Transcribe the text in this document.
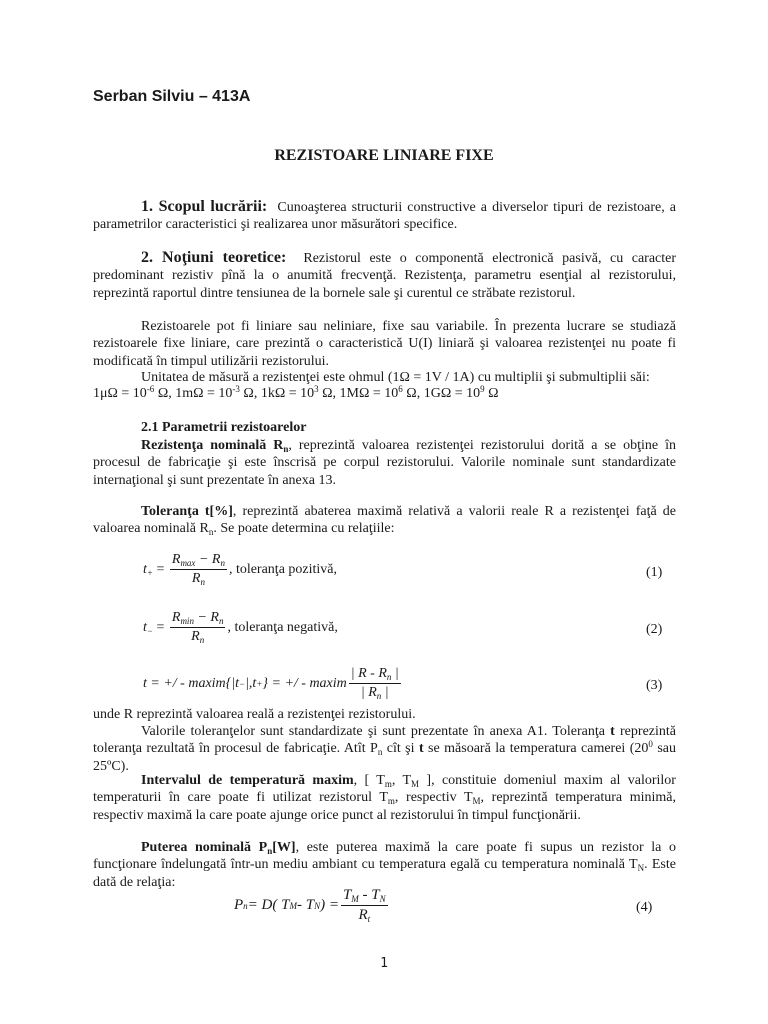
Serban Silviu – 413A
REZISTOARE LINIARE FIXE

1. Scopul lucrării: Cunoaşterea structurii constructive a diverselor tipuri de rezistoare, a parametrilor caracteristici şi realizarea unor măsurători specifice.

2. Noţiuni teoretice: Rezistorul este o componentă electronică pasivă, cu caracter predominant rezistiv pînă la o anumită frecvenţă. Rezistenţa, parametru esenţial al rezistorului, reprezintă raportul dintre tensiunea de la bornele sale şi curentul ce străbate rezistorul.

Rezistoarele pot fi liniare sau neliniare, fixe sau variabile. În prezenta lucrare se studiază rezistoarele fixe liniare, care prezintă o caracteristică U(I) liniară şi valoarea rezistenţei nu poate fi modificată în timpul utilizării rezistorului.

Unitatea de măsură a rezistenţei este ohmul (1Ω = 1V / 1A) cu multiplii şi submultiplii săi:

$1\mu\Omega = 10^{-6}$ Ω, $1m\Omega = 10^{-3}$ Ω, $1k\Omega = 10^3$ Ω, $1M\Omega = 10^6$ Ω, $1G\Omega = 10^9$ Ω
2.1 Parametrii rezistoarelor

Rezistenţa nominală $R_n$, reprezintă valoarea rezistenţei rezistorului dorită a se obţine în procesul de fabricaţie şi este înscrisă pe corpul rezistorului. Valorile nominale sunt standardizate internaţional şi sunt prezentate în anexa 13.

Toleranţa t[%], reprezintă abaterea maximă relativă a valorii reale R a rezistenţei faţă de valoarea nominală $R_n$. Se poate determina cu relaţiile:

$t_+ = \frac{R_{max} - R_n}{R_n}$ , toleranţa pozitivă,	(1)
$t_- = \frac{R_{min} - R_n}{R_n}$ , toleranţa negativă,	(2)
t = +/ - maxim{|t − |,t + } = +/ - maxim $\frac{| R - R_n |}{| R_n |}$	(3)

unde R reprezintă valoarea reală a rezistenţei rezistorului.

Valorile toleranţelor sunt standardizate şi sunt prezentate în anexa A1. Toleranţa t reprezintă toleranţa rezultată în procesul de fabricaţie. Atît $P_n$ cît şi t se măsoară la temperatura camerei ($20^0$ sau 25ºC).

Intervalul de temperatură maxim, [ $T_m$, $T_M$ ], constituie domeniul maxim al valorilor temperaturii în care poate fi utilizat rezistorul $T_m$, respectiv $T_M$, reprezintă temperatura minimă, respectiv maximă la care poate ajunge orice punct al rezistorului în timpul funcţionării.

Puterea nominală $P_n[W]$, este puterea maximă la care poate fi supus un rezistor la o funcţionare îndelungată într-un mediu ambiant cu temperatura egală cu temperatura nominală $T_N$. Este dată de relaţia:

P n = D( T M - T N ) = $\frac{T_M - T_N}{R_t}$	(4)
1
